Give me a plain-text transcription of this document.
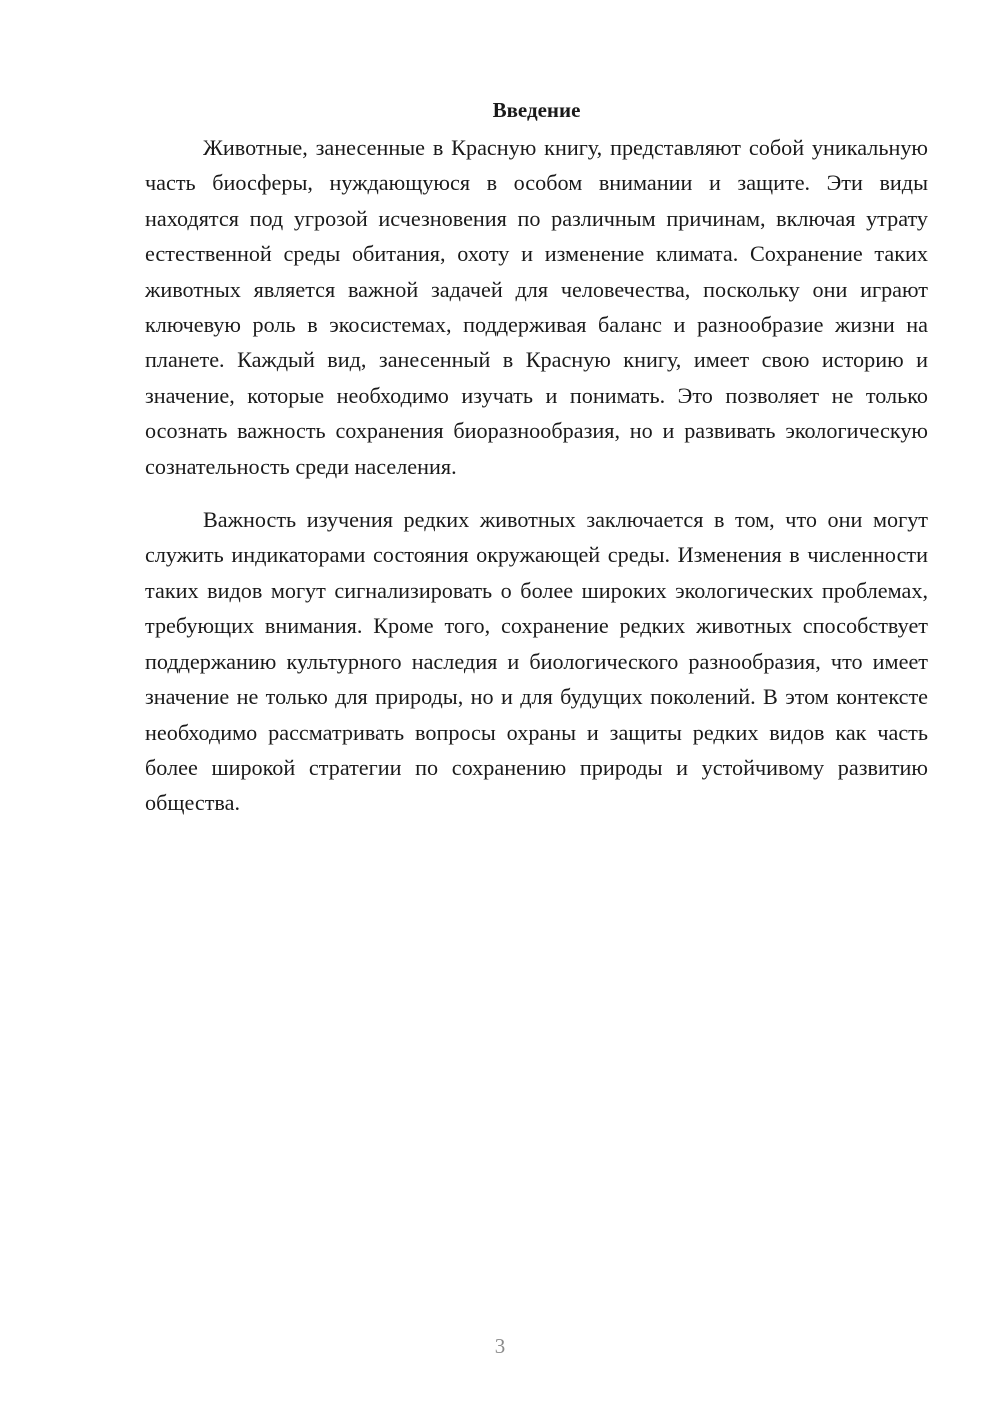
Введение

Животные, занесенные в Красную книгу, представляют собой уникальную часть биосферы, нуждающуюся в особом внимании и защите. Эти виды находятся под угрозой исчезновения по различным причинам, включая утрату естественной среды обитания, охоту и изменение климата. Сохранение таких животных является важной задачей для человечества, поскольку они играют ключевую роль в экосистемах, поддерживая баланс и разнообразие жизни на планете. Каждый вид, занесенный в Красную книгу, имеет свою историю и значение, которые необходимо изучать и понимать. Это позволяет не только осознать важность сохранения биоразнообразия, но и развивать экологическую сознательность среди населения.

Важность изучения редких животных заключается в том, что они могут служить индикаторами состояния окружающей среды. Изменения в численности таких видов могут сигнализировать о более широких экологических проблемах, требующих внимания. Кроме того, сохранение редких животных способствует поддержанию культурного наследия и биологического разнообразия, что имеет значение не только для природы, но и для будущих поколений. В этом контексте необходимо рассматривать вопросы охраны и защиты редких видов как часть более широкой стратегии по сохранению природы и устойчивому развитию общества.

3
